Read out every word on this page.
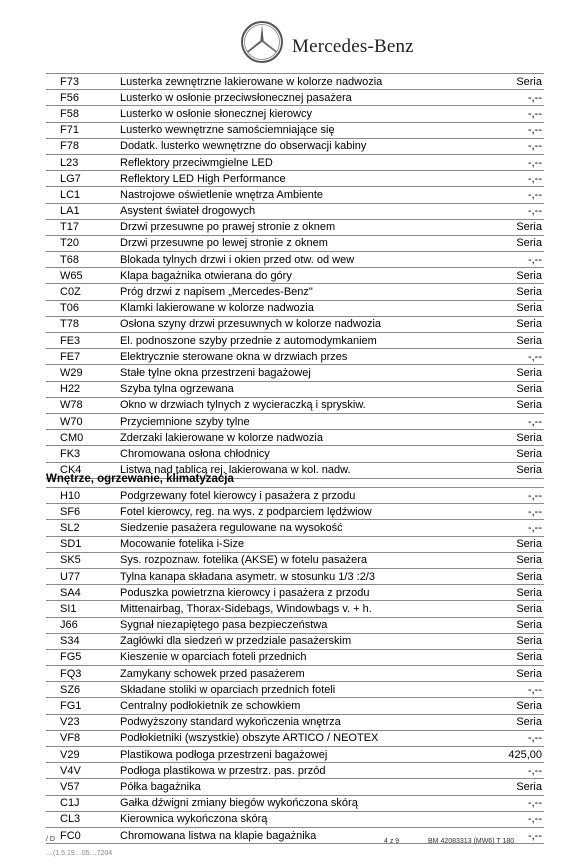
Mercedes-Benz
F73	Lusterka zewnętrzne lakierowane w kolorze nadwozia	Seria
F56	Lusterko w osłonie przeciwsłonecznej pasażera	-,--
F58	Lusterko w osłonie słonecznej kierowcy	-,--
F71	Lusterko wewnętrzne samościemniające się	-,--
F78	Dodatk. lusterko wewnętrzne do obserwacji kabiny	-,--
L23	Reflektory przeciwmgielne LED	-,--
LG7	Reflektory LED High Performance	-,--
LC1	Nastrojowe oświetlenie wnętrza Ambiente	-,--
LA1	Asystent świateł drogowych	-,--
T17	Drzwi przesuwne po prawej stronie z oknem	Seria
T20	Drzwi przesuwne po lewej stronie z oknem	Seria
T68	Blokada tylnych drzwi i okien przed otw. od wew	-,--
W65	Klapa bagażnika otwierana do góry	Seria
C0Z	Próg drzwi z napisem „Mercedes-Benz"	Seria
T06	Klamki lakierowane w kolorze nadwozia	Seria
T78	Osłona szyny drzwi przesuwnych w kolorze nadwozia	Seria
FE3	El. podnoszone szyby przednie z automodymkaniem	Seria
FE7	Elektrycznie sterowane okna w drzwiach przes	-,--
W29	Stałe tylne okna przestrzeni bagażowej	Seria
H22	Szyba tylna ogrzewana	Seria
W78	Okno w drzwiach tylnych z wycieraczką i spryskiw.	Seria
W70	Przyciemnione szyby tylne	-,--
CM0	Zderzaki lakierowane w kolorze nadwozia	Seria
FK3	Chromowana osłona chłodnicy	Seria
CK4	Listwa nad tablicą rej. lakierowana w kol. nadw.	Seria
Wnętrze, ogrzewanie, klimatyzacja
H10	Podgrzewany fotel kierowcy i pasażera z przodu	-,--
SF6	Fotel kierowcy, reg. na wys. z podparciem lędźwiow	-,--
SL2	Siedzenie pasażera regulowane na wysokość	-,--
SD1	Mocowanie fotelika i-Size	Seria
SK5	Sys. rozpoznaw. fotelika (AKSE) w fotelu pasażera	Seria
U77	Tylna kanapa składana asymetr. w stosunku 1/3 :2/3	Seria
SA4	Poduszka powietrzna kierowcy i pasażera z przodu	Seria
SI1	Mittenairbag, Thorax-Sidebags, Windowbags v. + h.	Seria
J66	Sygnał niezapiętego pasa bezpieczeństwa	Seria
S34	Zagłówki dla siedzeń w przedziale pasażerskim	Seria
FG5	Kieszenie w oparciach foteli przednich	Seria
FQ3	Zamykany schowek przed pasażerem	Seria
SZ6	Składane stoliki w oparciach przednich foteli	-,--
FG1	Centralny podłokietnik ze schowkiem	Seria
V23	Podwyższony standard wykończenia wnętrza	Seria
VF8	Podłokietniki (wszystkie) obszyte ARTICO / NEOTEX	-,--
V29	Plastikowa podłoga przestrzeni bagażowej	425,00
V4V	Podłoga plastikowa w przestrz. pas. przód	-,--
V57	Półka bagażnika	Seria
C1J	Gałka dźwigni zmiany biegów wykończona skórą	-,--
CL3	Kierownica wykończona skórą	-,--
FC0	Chromowana listwa na klapie bagażnika	-,--
/ D
…(1.5.19…05…7204
4 z 9	BM 42083313 (MW6) T 180
